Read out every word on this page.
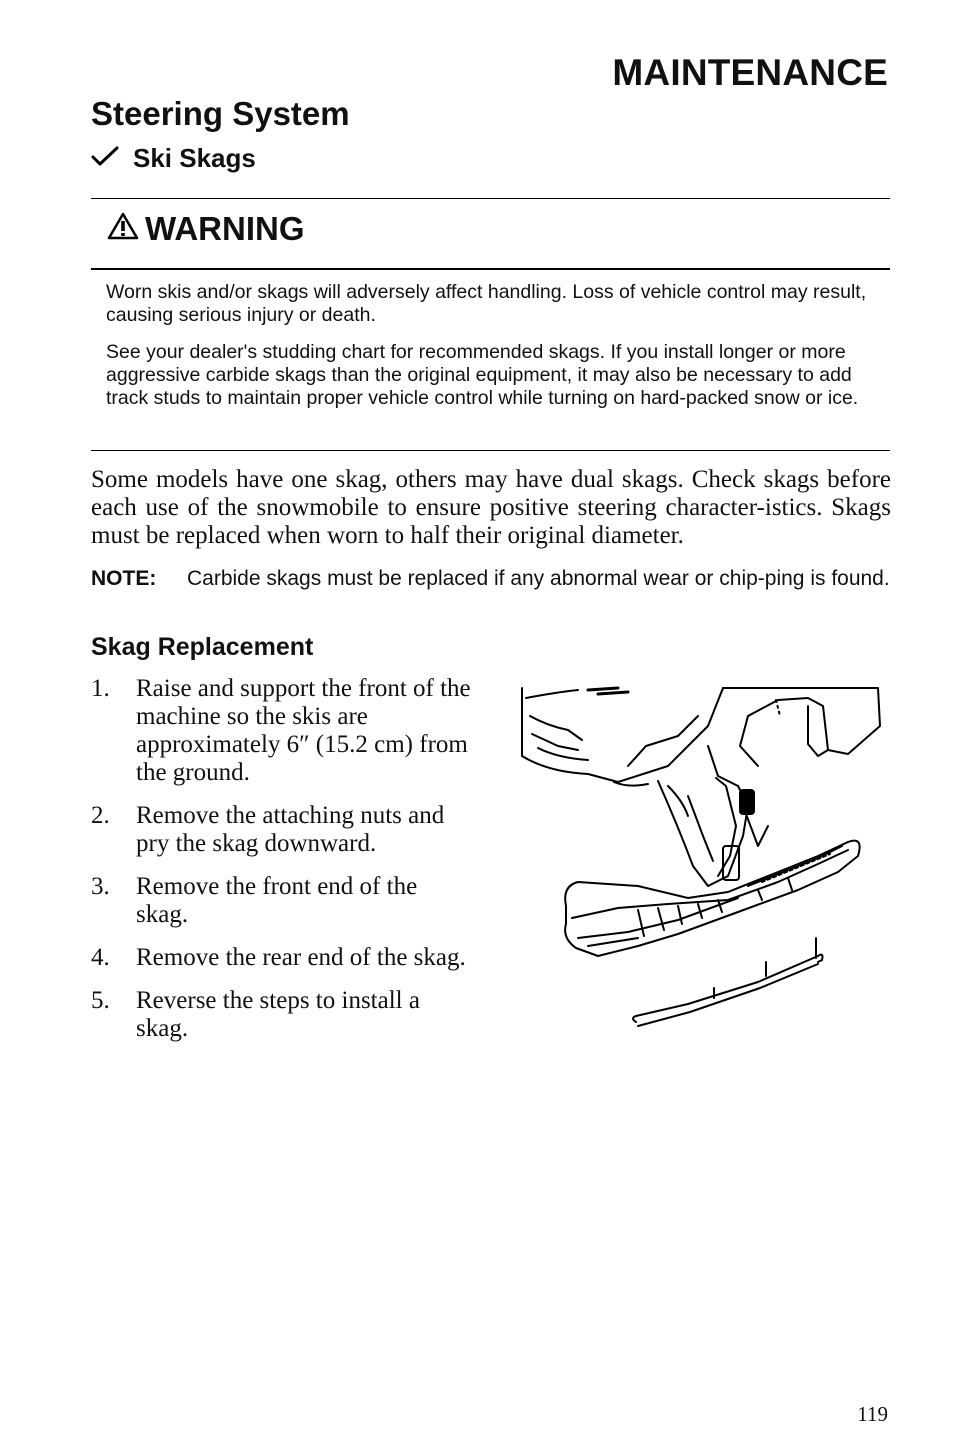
MAINTENANCE
Steering System
Ski Skags
WARNING
Worn skis and/or skags will adversely affect handling. Loss of vehicle control may result, causing serious injury or death.
See your dealer's studding chart for recommended skags. If you install longer or more aggressive carbide skags than the original equipment, it may also be necessary to add track studs to maintain proper vehicle control while turning on hard-packed snow or ice.
Some models have one skag, others may have dual skags. Check skags before each use of the snowmobile to ensure positive steering character-istics. Skags must be replaced when worn to half their original diameter.
NOTE:	Carbide skags must be replaced if any abnormal wear or chip-ping is found.
Skag Replacement
1.	Raise and support the front of the machine so the skis are approximately 6″ (15.2 cm) from the ground.
2.	Remove the attaching nuts and pry the skag downward.
3.	Remove the front end of the skag.
4.	Remove the rear end of the skag.
5.	Reverse the steps to install a skag.
119
